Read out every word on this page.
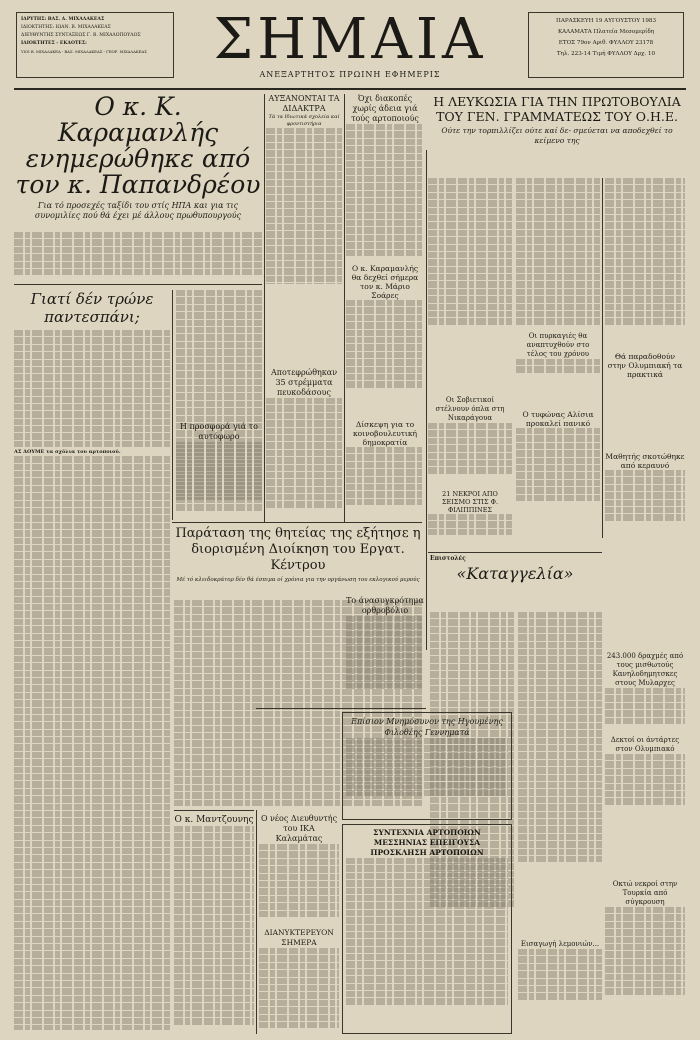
ΙΔΡΥΤΗΣ: ΒΑΣ. Δ. ΜΙΧΑΛΑΚΕΑΣ
ΙΔΙΟΚΤΗΤΗΣ: ΙΩΑΝ. Β. ΜΙΧΑΛΑΚΕΑΣ
ΔΙΕΥΘΥΝΤΗΣ ΣΥΝΤΑΞΕΩΣ Γ. Β. ΜΙΧΑΛΟΠΟΥΛΟΣ
ΙΔΙΟΚΤΗΤΕΣ - ΕΚΔΟΤΕΣ:
ΥΙΟΙ Β. ΜΙΧΑΛΑΚΕΑ - ΒΑΣ. ΜΙΧΑΛΑΚΕΑΣ - ΓΕΩΡ. ΜΙΧΑΛΑΚΕΑΣ	ΣΗΜΑΙΑ
ΑΝΕΞΑΡΤΗΤΟΣ ΠΡΩΙΝΗ ΕΦΗΜΕΡΙΣ
ΠΑΡΑΣΚΕΥΗ 19 ΑΥΓΟΥΣΤΟΥ 1983
ΚΑΛΑΜΑΤΑ Πλατεία Μεσομερίδη
ΕΤΟΣ 79ον Αριθ. ΦΥΛΛΟΥ 23178
Τηλ. 223-14 Τιμή ΦΥΛΛΟΥ Δρχ. 10
Ο κ. Κ. Καραμανλής ενημερώθηκε από τον κ. Παπανδρέου
Για τό προσεχές ταξίδι του στίς ΗΠΑ και για τις συνομιλίες πού θά έχει μέ άλλους πρωθυπουργούς
Γιατί δέν τρώνε παντεσπάνι;
ΑΣ ΔΟΥΜΕ τα σχόλια του αρτοποιού.
Παράταση της θητείας της εξήτησε η διορισμένη Διοίκηση του Εργατ. Κέντρου
Μέ τό κλειδοκράτορ δέν θά έσπιμα οί χρόνια για την οργάνωση του εκλογικού μερούς
Ο κ. Μαντζουνης Ο νέος Διευθυντής του ΙΚΑ Καλαμάτας
ΔΙΑΝΥΚΤΕΡΕΥΟΝ ΣΗΜΕΡΑ
ΑΥΞΑΝΟΝΤΑΙ ΤΑ ΔΙΔΑΚΤΡΑ
Τά τα Ιδιωτικά σχολεία καί φροντιστήρια
Αποτεφρώθηκαν 35 στρέμματα πευκοδάσους
Η προσφορά γιά το αυτόφωρο
Όχι διακοπές χωρίς άδεια γιά τούς αρτοποιούς
Ο κ. Καραμανλής θα δεχθεί σήμερα τον κ. Μάριο Σοάρες
Δίσκεψη για το κοινοβουλευτική δημοκρατία
Το άνασυγκρότημα ορθροβόλιο
Η ΛΕΥΚΩΣΙΑ ΓΙΑ ΤΗΝ ΠΡΩΤΟΒΟΥΛΙΑ ΤΟΥ ΓΕΝ. ΓΡΑΜΜΑΤΕΩΣ ΤΟΥ Ο.Η.Ε.
Ούτε την τορπιλλίζει ούτε καί δε- σμεύεται να αποδεχθεί το κείμενο της
Θά παραδοθούν στην Ολυμπιακή τα πρακτικά
Μαθητής σκοτώθηκε από κεραυνό
243.000 δραχμές από τους μισθωτούς Κανηλοδημητσκες στους Μυλαρχες
Δεκτοί οι άντάρτες στον Ολυμπιακό
Οκτώ νεκροί στην Τουρκία από σύγκρουση
Οι πυρκαγιές θα αναπτυχθούν στο τέλος του χρόνου
Οι Σοβιετικοί στέλνουν όπλα στη Νικαράγουα	Ο τυφώνας Αλίσια προκαλεί πανικό
21 ΝΕΚΡΟΙ ΑΠΟ ΣΕΙΣΜΟ ΣΤΙΣ Φ. ΦΙΛΙΠΠΙΝΕΣ
Επιστολές
«Καταγγελία»
Εισαγωγή λεμονιών...
Επίσιον Μνημόσυνον της Ηγουμένης Φιλοθέης Γεννηματά
ΣΥΝΤΕΧΝΙΑ ΑΡΤΟΠΟΙΩΝ ΜΕΣΣΗΝΙΑΣ ΕΠΕΙΓΟΥΣΑ ΠΡΟΣΚΛΗΣΗ ΑΡΤΟΠΟΙΩΝ
